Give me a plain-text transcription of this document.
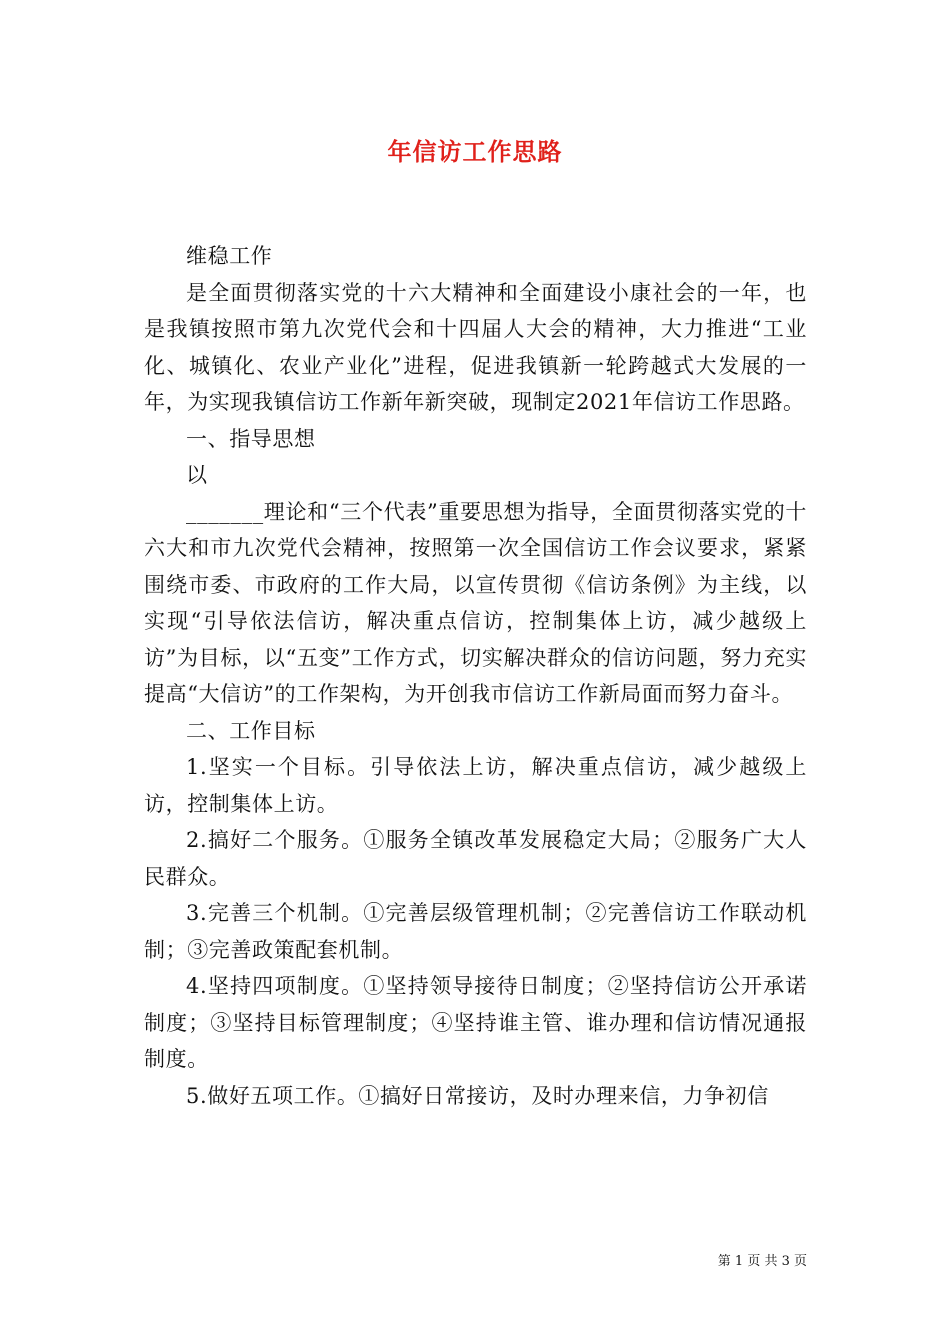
年信访工作思路

维稳工作

是全面贯彻落实党的十六大精神和全面建设小康社会的一年，也是我镇按照市第九次党代会和十四届人大会的精神，大力推进“工业化、城镇化、农业产业化”进程，促进我镇新一轮跨越式大发展的一年，为实现我镇信访工作新年新突破，现制定2021年信访工作思路。

一、指导思想

以

_______理论和“三个代表”重要思想为指导，全面贯彻落实党的十六大和市九次党代会精神，按照第一次全国信访工作会议要求，紧紧围绕市委、市政府的工作大局，以宣传贯彻《信访条例》为主线，以实现“引导依法信访，解决重点信访，控制集体上访，减少越级上访”为目标，以“五变”工作方式，切实解决群众的信访问题，努力充实提高“大信访”的工作架构，为开创我市信访工作新局面而努力奋斗。

二、工作目标

1.坚实一个目标。引导依法上访，解决重点信访，减少越级上访，控制集体上访。

2.搞好二个服务。①服务全镇改革发展稳定大局；②服务广大人民群众。

3.完善三个机制。①完善层级管理机制；②完善信访工作联动机制；③完善政策配套机制。

4.坚持四项制度。①坚持领导接待日制度；②坚持信访公开承诺制度；③坚持目标管理制度；④坚持谁主管、谁办理和信访情况通报制度。

5.做好五项工作。①搞好日常接访，及时办理来信，力争初信

第 1 页 共 3 页
